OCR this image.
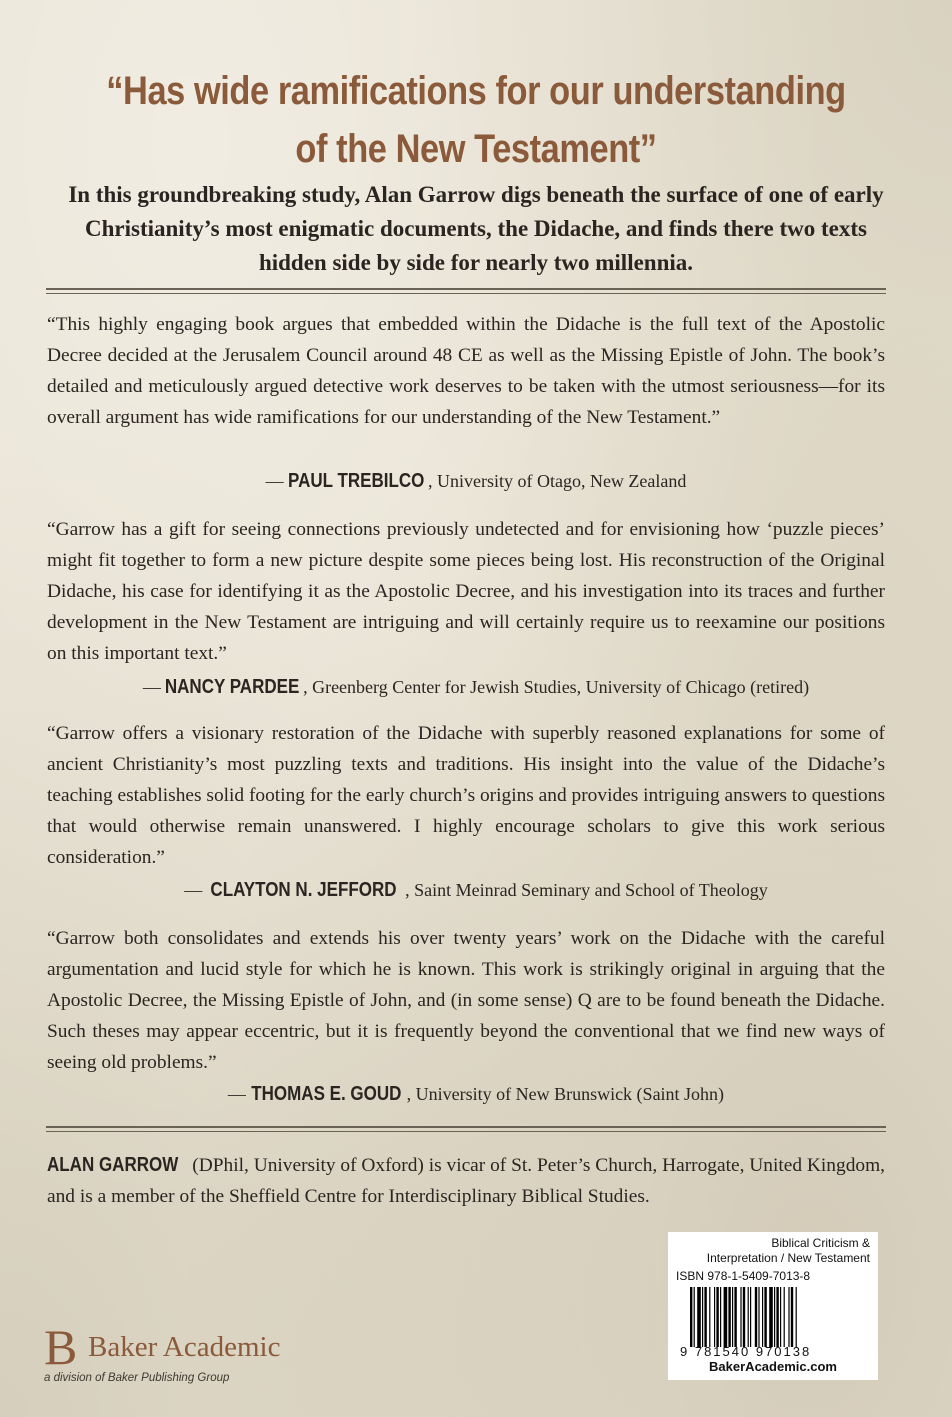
“Has wide ramifications for our understanding
of the New Testament”
In this groundbreaking study, Alan Garrow digs beneath the surface of one of early Christianity’s most enigmatic documents, the Didache, and finds there two texts hidden side by side for nearly two millennia.
“This highly engaging book argues that embedded within the Didache is the full text of the Apostolic Decree decided at the Jerusalem Council around 48 CE as well as the Missing Epistle of John. The book’s detailed and meticulously argued detective work deserves to be taken with the utmost seriousness—for its overall argument has wide ramifications for our understanding of the New Testament.”
— PAUL TREBILCO , University of Otago, New Zealand
“Garrow has a gift for seeing connections previously undetected and for envisioning how ‘puzzle pieces’ might fit together to form a new picture despite some pieces being lost. His reconstruction of the Original Didache, his case for identifying it as the Apostolic Decree, and his investigation into its traces and further development in the New Testament are intriguing and will certainly require us to reexamine our positions on this important text.”
— NANCY PARDEE , Greenberg Center for Jewish Studies, University of Chicago (retired)
“Garrow offers a visionary restoration of the Didache with superbly reasoned explanations for some of ancient Christianity’s most puzzling texts and traditions. His insight into the value of the Didache’s teaching establishes solid footing for the early church’s origins and provides intriguing answers to questions that would otherwise remain unanswered. I highly encourage scholars to give this work serious consideration.”
— CLAYTON N. JEFFORD , Saint Meinrad Seminary and School of Theology
“Garrow both consolidates and extends his over twenty years’ work on the Didache with the careful argumentation and lucid style for which he is known. This work is strikingly original in arguing that the Apostolic Decree, the Missing Epistle of John, and (in some sense) Q are to be found beneath the Didache. Such theses may appear eccentric, but it is frequently beyond the conventional that we find new ways of seeing old problems.”
— THOMAS E. GOUD , University of New Brunswick (Saint John)
ALAN GARROW (DPhil, University of Oxford) is vicar of St. Peter’s Church, Harrogate, United Kingdom, and is a member of the Sheffield Centre for Interdisciplinary Biblical Studies.
B Baker Academic
a division of Baker Publishing Group
Biblical Criticism &
Interpretation / New Testament
ISBN 978-1-5409-7013-8
9 781540 970138
BakerAcademic.com
